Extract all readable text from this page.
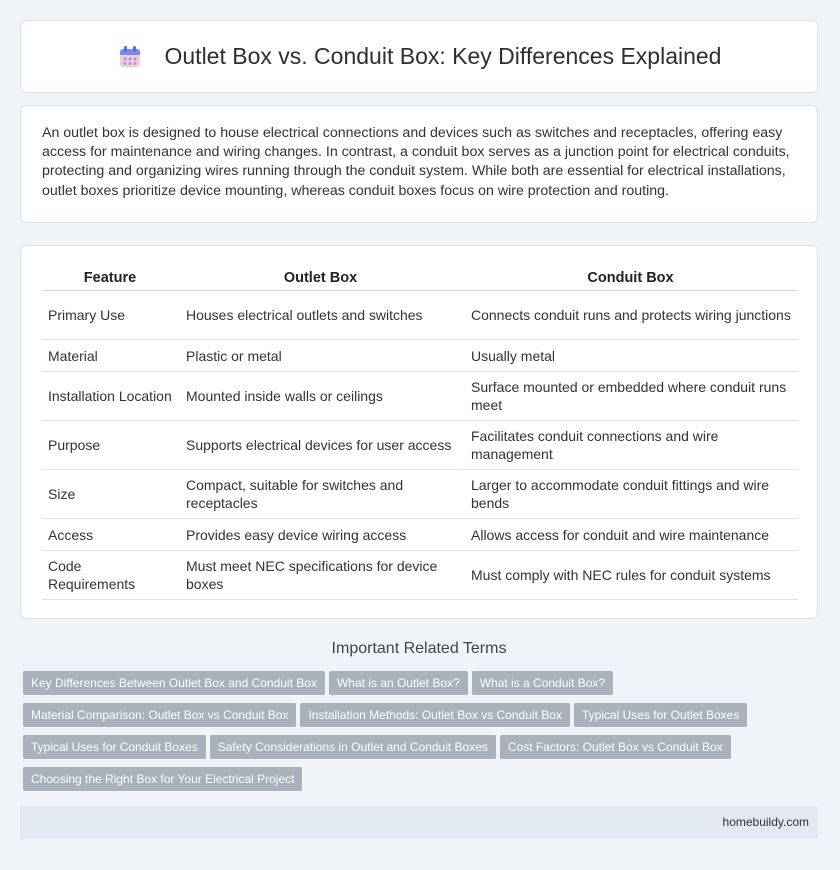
Outlet Box vs. Conduit Box: Key Differences Explained

An outlet box is designed to house electrical connections and devices such as switches and receptacles, offering easy access for maintenance and wiring changes. In contrast, a conduit box serves as a junction point for electrical conduits, protecting and organizing wires running through the conduit system. While both are essential for electrical installations, outlet boxes prioritize device mounting, whereas conduit boxes focus on wire protection and routing.

Feature	Outlet Box	Conduit Box
Primary Use	Houses electrical outlets and switches	Connects conduit runs and protects wiring junctions
Material	Plastic or metal	Usually metal
Installation Location	Mounted inside walls or ceilings	Surface mounted or embedded where conduit runs meet
Purpose	Supports electrical devices for user access	Facilitates conduit connections and wire management
Size	Compact, suitable for switches and receptacles	Larger to accommodate conduit fittings and wire bends
Access	Provides easy device wiring access	Allows access for conduit and wire maintenance
Code Requirements	Must meet NEC specifications for device boxes	Must comply with NEC rules for conduit systems
Important Related Terms
Key Differences Between Outlet Box and Conduit Box What is an Outlet Box? What is a Conduit Box?
Material Comparison: Outlet Box vs Conduit Box Installation Methods: Outlet Box vs Conduit Box Typical Uses for Outlet Boxes
Typical Uses for Conduit Boxes Safety Considerations in Outlet and Conduit Boxes Cost Factors: Outlet Box vs Conduit Box
Choosing the Right Box for Your Electrical Project
homebuildy.com
